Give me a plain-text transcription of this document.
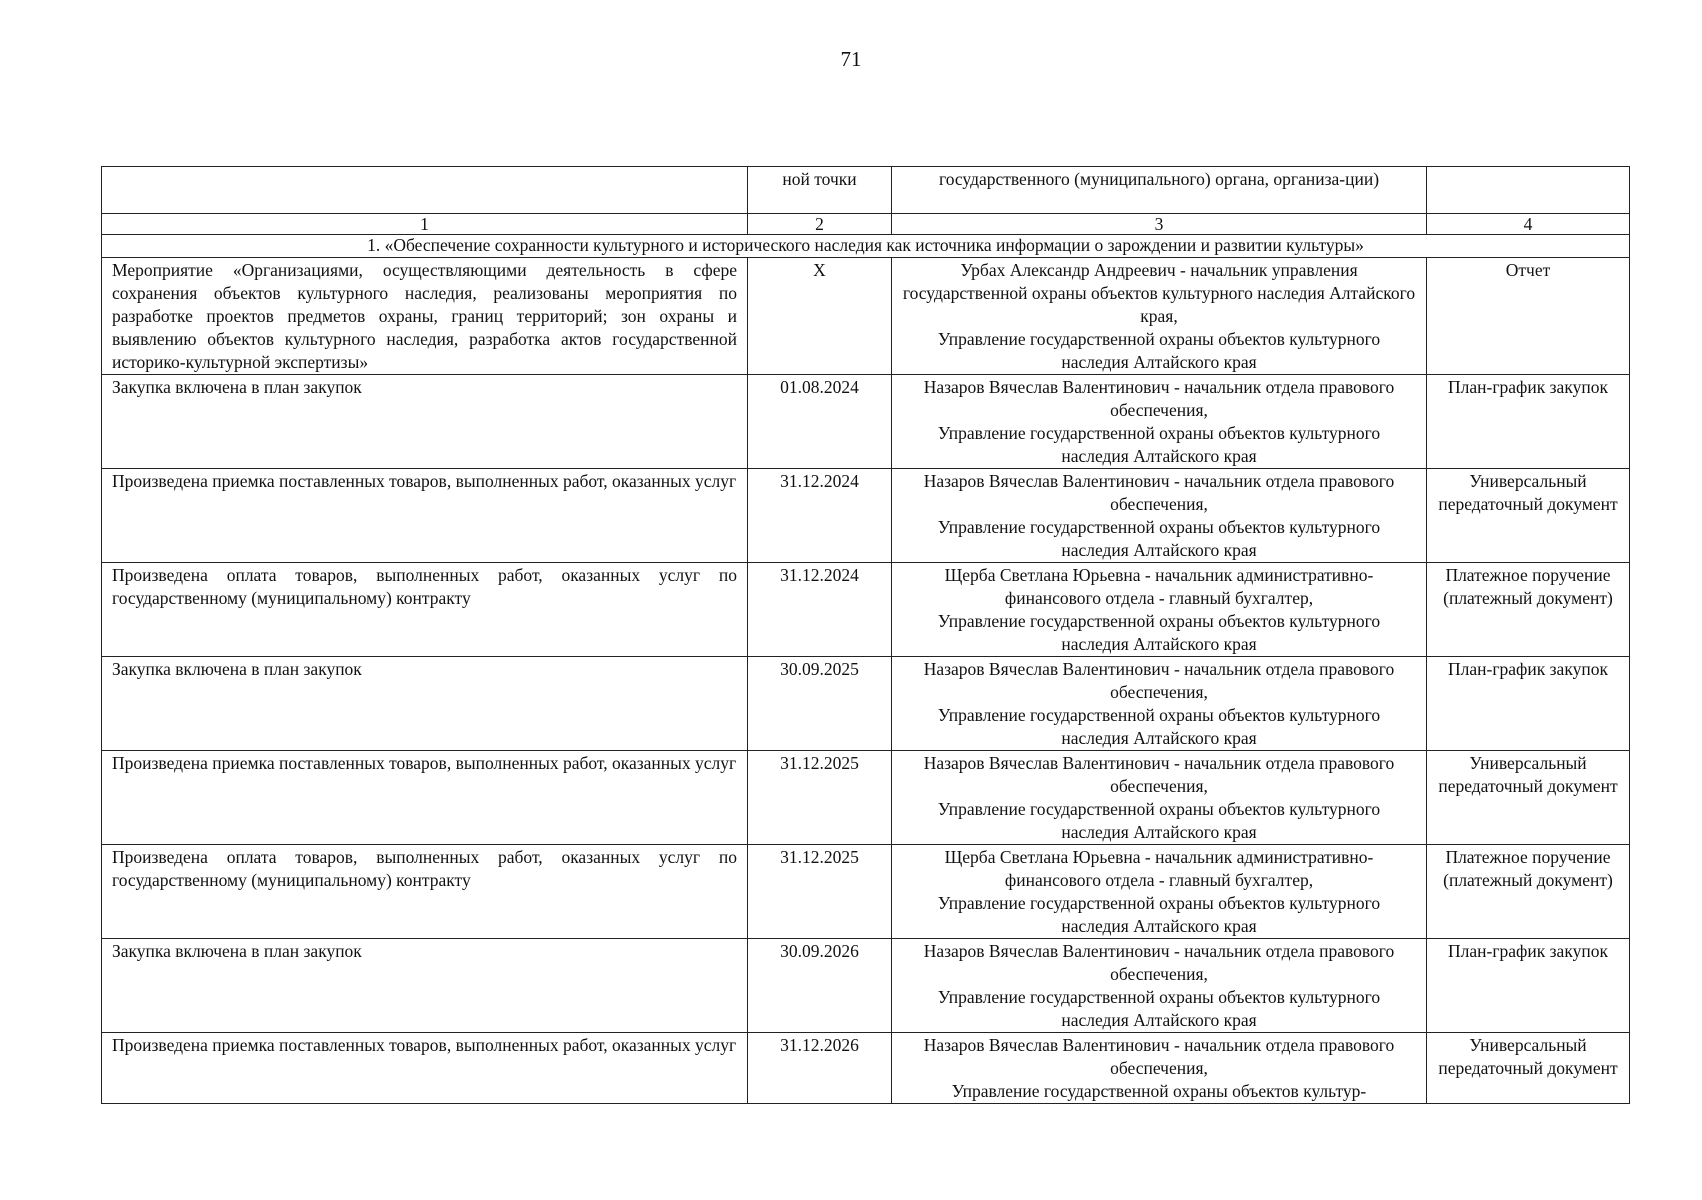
71
	ной точки	государственного (муниципального) органа, организа-ции)	
1	2	3	4
1. «Обеспечение сохранности культурного и исторического наследия как источника информации о зарождении и развитии культуры»			
Мероприятие «Организациями, осуществляющими деятельность в сфере сохранения объектов культурного наследия, реализованы мероприятия по разработке проектов предметов охраны, границ территорий; зон охраны и выявлению объектов культурного наследия, разработка актов государственной историко-культурной экспертизы»	X	Урбах Александр Андреевич - начальник управления государственной охраны объектов культурного наследия Алтайского края,
Управление государственной охраны объектов культурного наследия Алтайского края	Отчет
Закупка включена в план закупок	01.08.2024	Назаров Вячеслав Валентинович - начальник отдела правового обеспечения,
Управление государственной охраны объектов культурного наследия Алтайского края	План-график закупок
Произведена приемка поставленных товаров, выполненных работ, оказанных услуг	31.12.2024	Назаров Вячеслав Валентинович - начальник отдела правового обеспечения,
Управление государственной охраны объектов культурного наследия Алтайского края	Универсальный передаточный документ
Произведена оплата товаров, выполненных работ, оказанных услуг по государственному (муниципальному) контракту	31.12.2024	Щерба Светлана Юрьевна - начальник административно-финансового отдела - главный бухгалтер,
Управление государственной охраны объектов культурного наследия Алтайского края	Платежное поручение (платежный документ)
Закупка включена в план закупок	30.09.2025	Назаров Вячеслав Валентинович - начальник отдела правового обеспечения,
Управление государственной охраны объектов культурного наследия Алтайского края	План-график закупок
Произведена приемка поставленных товаров, выполненных работ, оказанных услуг	31.12.2025	Назаров Вячеслав Валентинович - начальник отдела правового обеспечения,
Управление государственной охраны объектов культурного наследия Алтайского края	Универсальный передаточный документ
Произведена оплата товаров, выполненных работ, оказанных услуг по государственному (муниципальному) контракту	31.12.2025	Щерба Светлана Юрьевна - начальник административно-финансового отдела - главный бухгалтер,
Управление государственной охраны объектов культурного наследия Алтайского края	Платежное поручение (платежный документ)
Закупка включена в план закупок	30.09.2026	Назаров Вячеслав Валентинович - начальник отдела правового обеспечения,
Управление государственной охраны объектов культурного наследия Алтайского края	План-график закупок
Произведена приемка поставленных товаров, выполненных работ, оказанных услуг	31.12.2026	Назаров Вячеслав Валентинович - начальник отдела правового обеспечения,
Управление государственной охраны объектов культур-	Универсальный передаточный документ
